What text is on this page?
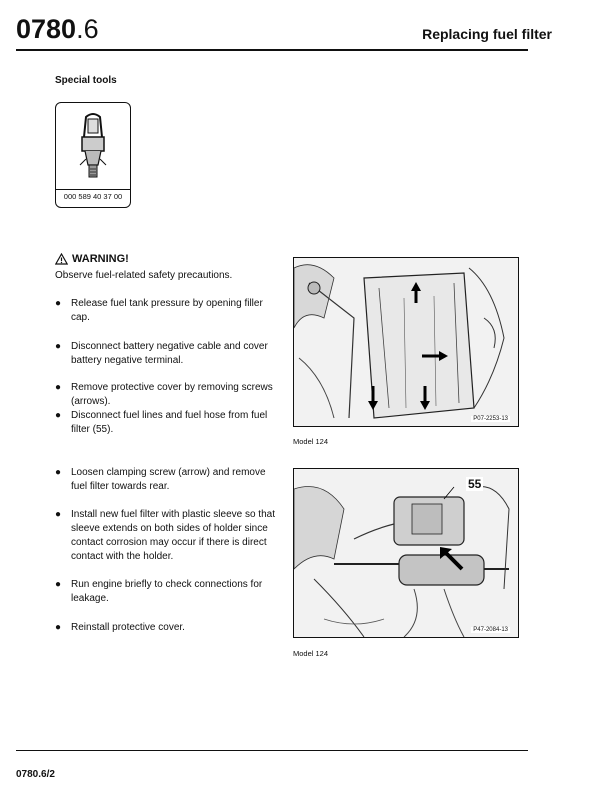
0780.6	Replacing fuel filter
Special tools
000 589 40 37 00
WARNING!
Observe fuel-related safety precautions.
● Release fuel tank pressure by opening filler cap.
● Disconnect battery negative cable and cover battery negative terminal.
● Remove protective cover by removing screws (arrows).
● Disconnect fuel lines and fuel hose from fuel filter (55).
● Loosen clamping screw (arrow) and remove fuel filter towards rear.
● Install new fuel filter with plastic sleeve so that sleeve extends on both sides of holder since contact corrosion may occur if there is direct contact with the holder.
● Run engine briefly to check connections for leakage.
● Reinstall protective cover.
P07-2253-13
Model 124
55
P47-2084-13
Model 124
0780.6/2
